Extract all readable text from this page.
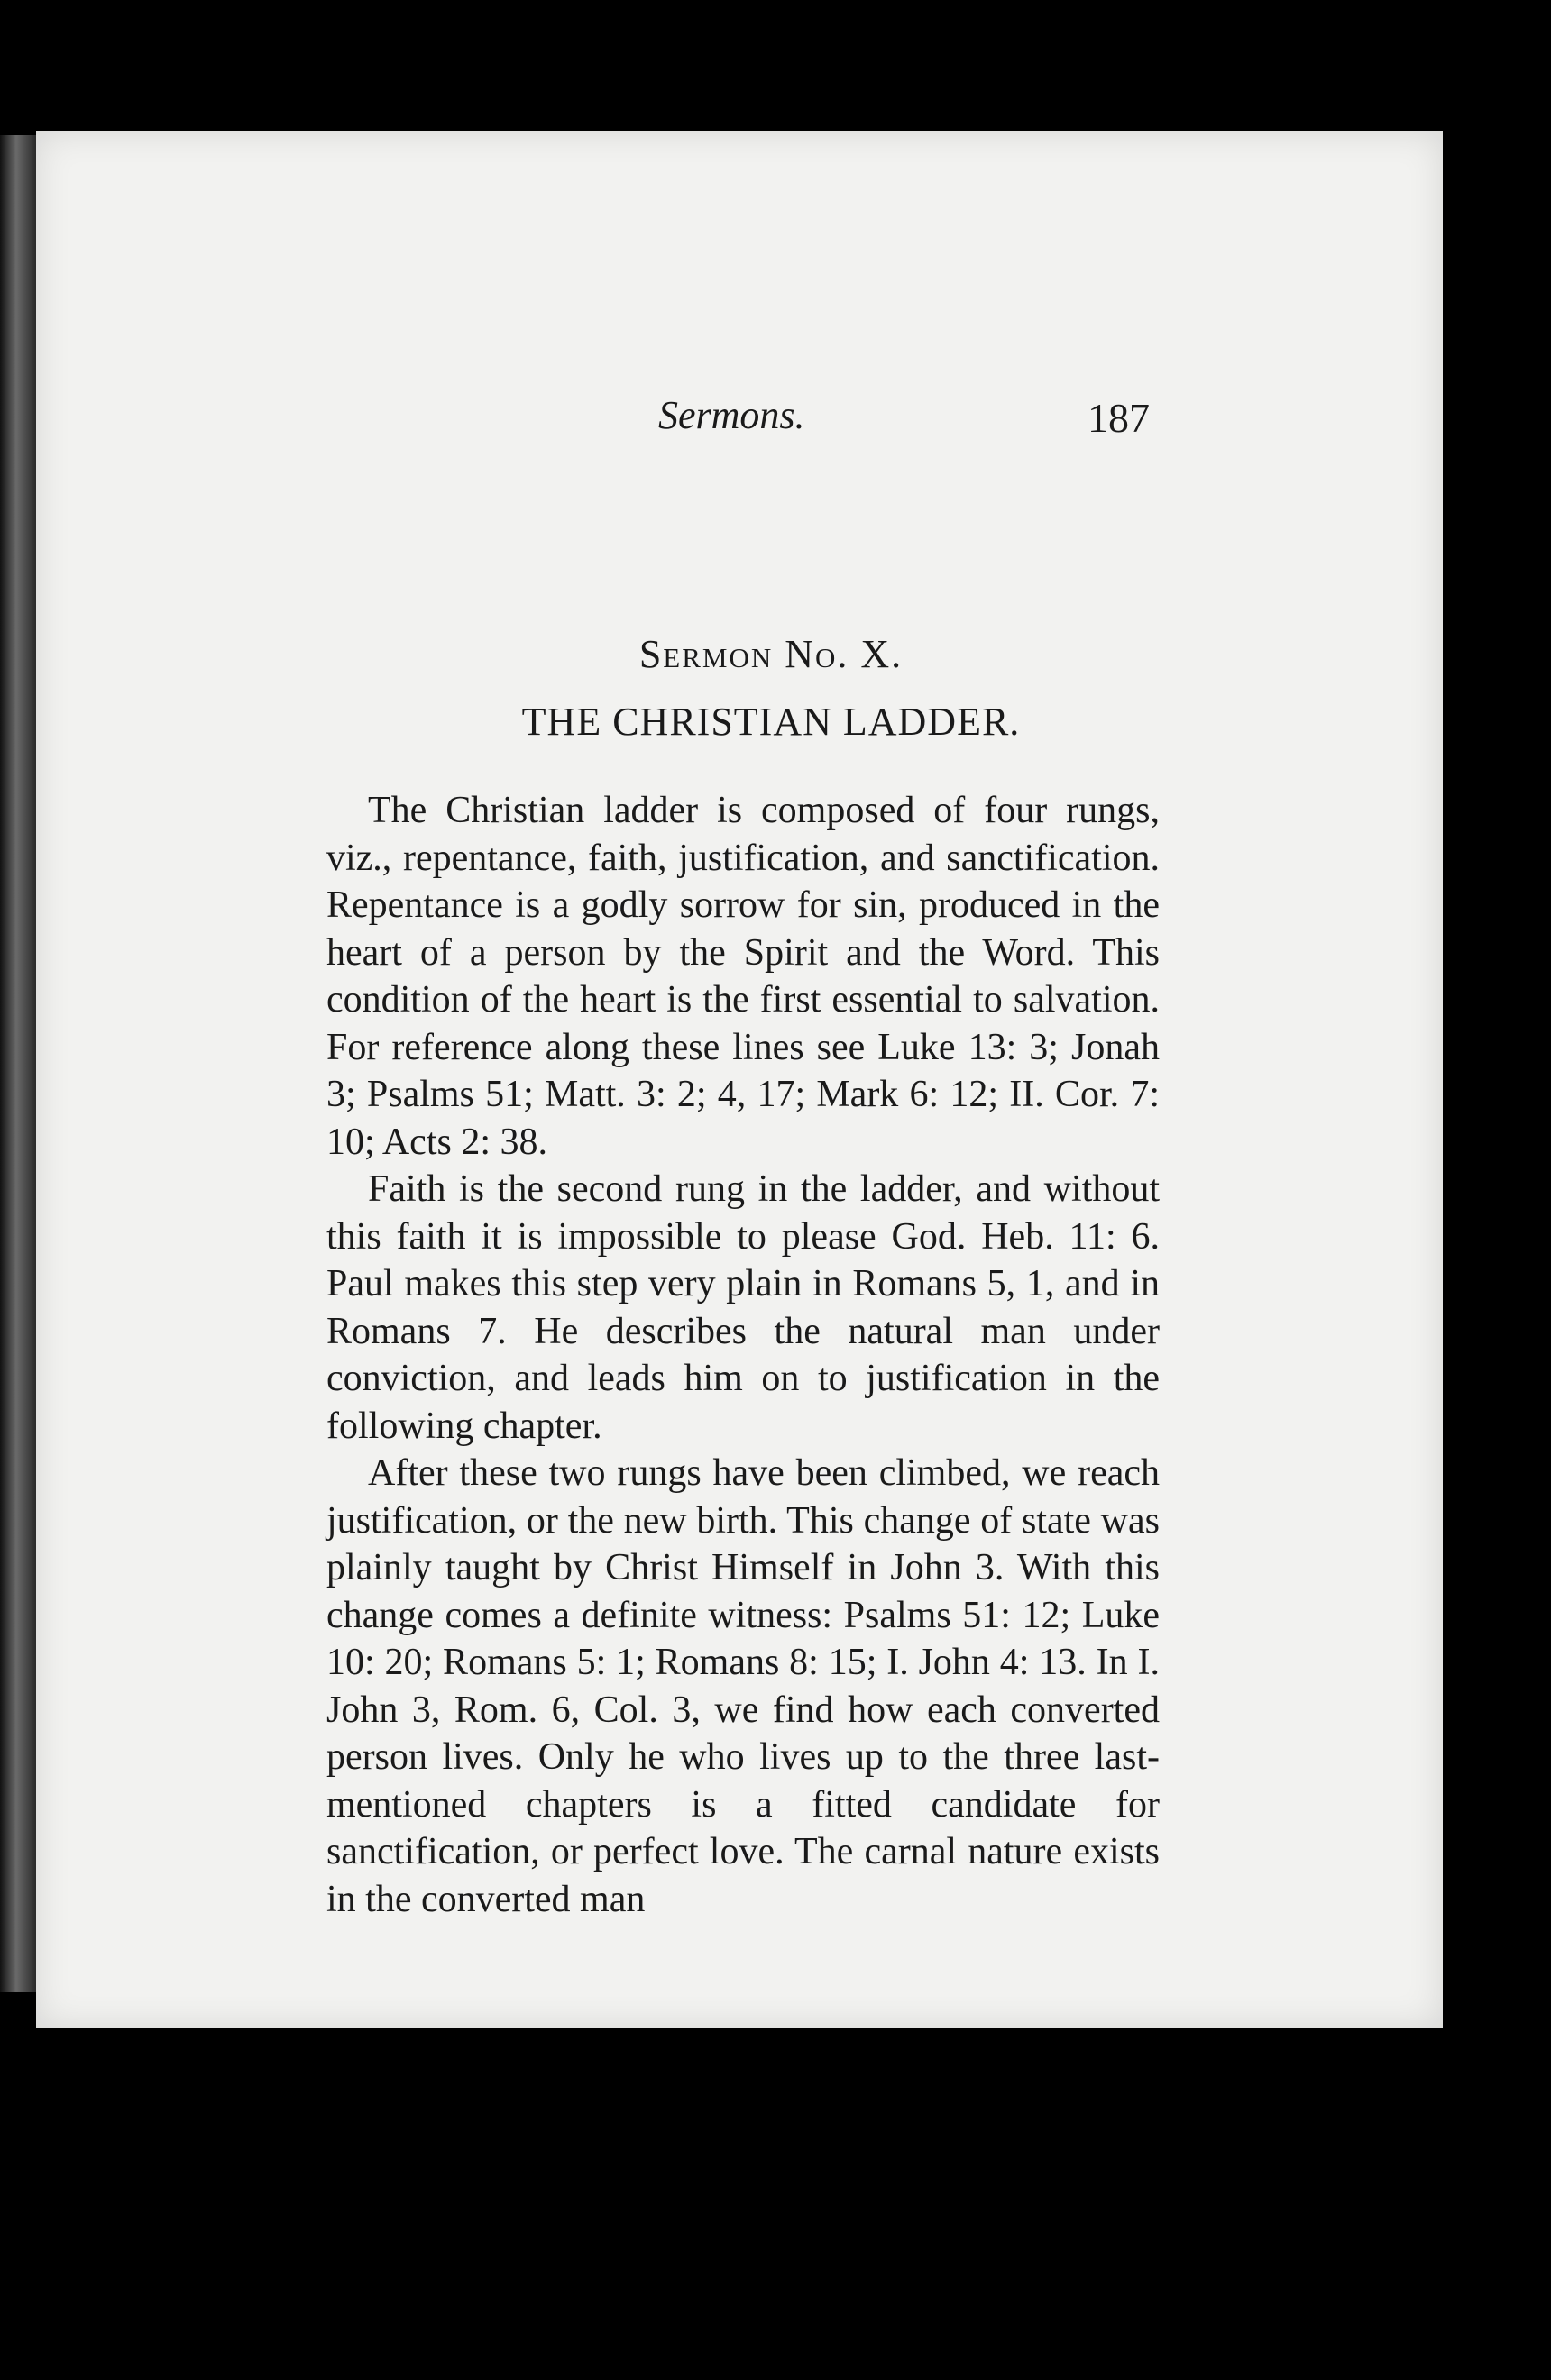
Sermons.	187
Sermon No. X.
THE CHRISTIAN LADDER.

The Christian ladder is composed of four rungs, viz., repentance, faith, justification, and sanctification. Repentance is a godly sorrow for sin, produced in the heart of a person by the Spirit and the Word. This condition of the heart is the first essential to salvation. For reference along these lines see Luke 13: 3; Jonah 3; Psalms 51; Matt. 3: 2; 4, 17; Mark 6: 12; II. Cor. 7: 10; Acts 2: 38.

Faith is the second rung in the ladder, and without this faith it is impossible to please God. Heb. 11: 6. Paul makes this step very plain in Romans 5, 1, and in Romans 7. He describes the natural man under conviction, and leads him on to justification in the following chapter.

After these two rungs have been climbed, we reach justification, or the new birth. This change of state was plainly taught by Christ Himself in John 3. With this change comes a definite witness: Psalms 51: 12; Luke 10: 20; Romans 5: 1; Romans 8: 15; I. John 4: 13. In I. John 3, Rom. 6, Col. 3, we find how each converted person lives. Only he who lives up to the three last-mentioned chapters is a fitted candidate for sanctification, or perfect love. The carnal nature exists in the converted man
